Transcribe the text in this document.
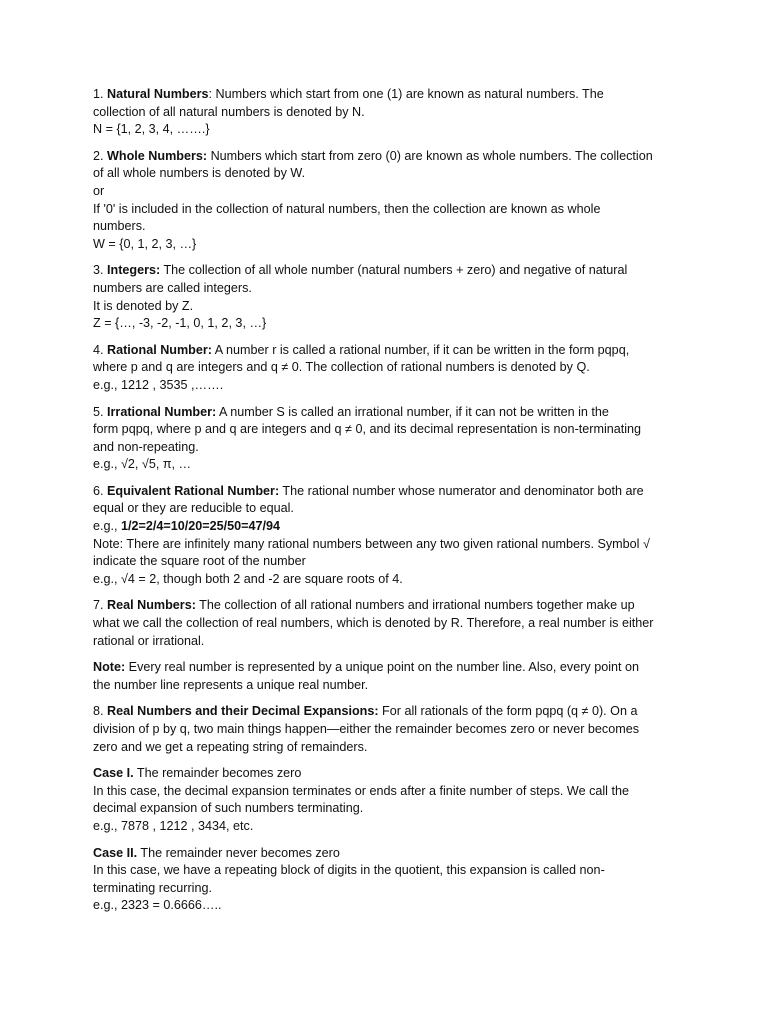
1. Natural Numbers: Numbers which start from one (1) are known as natural numbers. The
collection of all natural numbers is denoted by N.
N = {1, 2, 3, 4, …….}
2. Whole Numbers: Numbers which start from zero (0) are known as whole numbers. The collection
of all whole numbers is denoted by W.
or
If '0' is included in the collection of natural numbers, then the collection are known as whole
numbers.
W = {0, 1, 2, 3, …}
3. Integers: The collection of all whole number (natural numbers + zero) and negative of natural
numbers are called integers.
It is denoted by Z.
Z = {…, -3, -2, -1, 0, 1, 2, 3, …}
4. Rational Number: A number r is called a rational number, if it can be written in the form pqpq,
where p and q are integers and q ≠ 0. The collection of rational numbers is denoted by Q.
e.g., 1212 , 3535 ,…….
5. Irrational Number: A number S is called an irrational number, if it can not be written in the
form pqpq, where p and q are integers and q ≠ 0, and its decimal representation is non-terminating
and non-repeating.
e.g., √2, √5, π, …
6. Equivalent Rational Number: The rational number whose numerator and denominator both are
equal or they are reducible to equal.
e.g., 1/2=2/4=10/20=25/50=47/94
Note: There are infinitely many rational numbers between any two given rational numbers. Symbol √
indicate the square root of the number
e.g., √4 = 2, though both 2 and -2 are square roots of 4.
7. Real Numbers: The collection of all rational numbers and irrational numbers together make up
what we call the collection of real numbers, which is denoted by R. Therefore, a real number is either
rational or irrational.
Note: Every real number is represented by a unique point on the number line. Also, every point on
the number line represents a unique real number.
8. Real Numbers and their Decimal Expansions: For all rationals of the form pqpq (q ≠ 0). On a
division of p by q, two main things happen—either the remainder becomes zero or never becomes
zero and we get a repeating string of remainders.
Case I. The remainder becomes zero
In this case, the decimal expansion terminates or ends after a finite number of steps. We call the
decimal expansion of such numbers terminating.
e.g., 7878 , 1212 , 3434, etc.
Case II. The remainder never becomes zero
In this case, we have a repeating block of digits in the quotient, this expansion is called non-
terminating recurring.
e.g., 2323 = 0.6666…..
